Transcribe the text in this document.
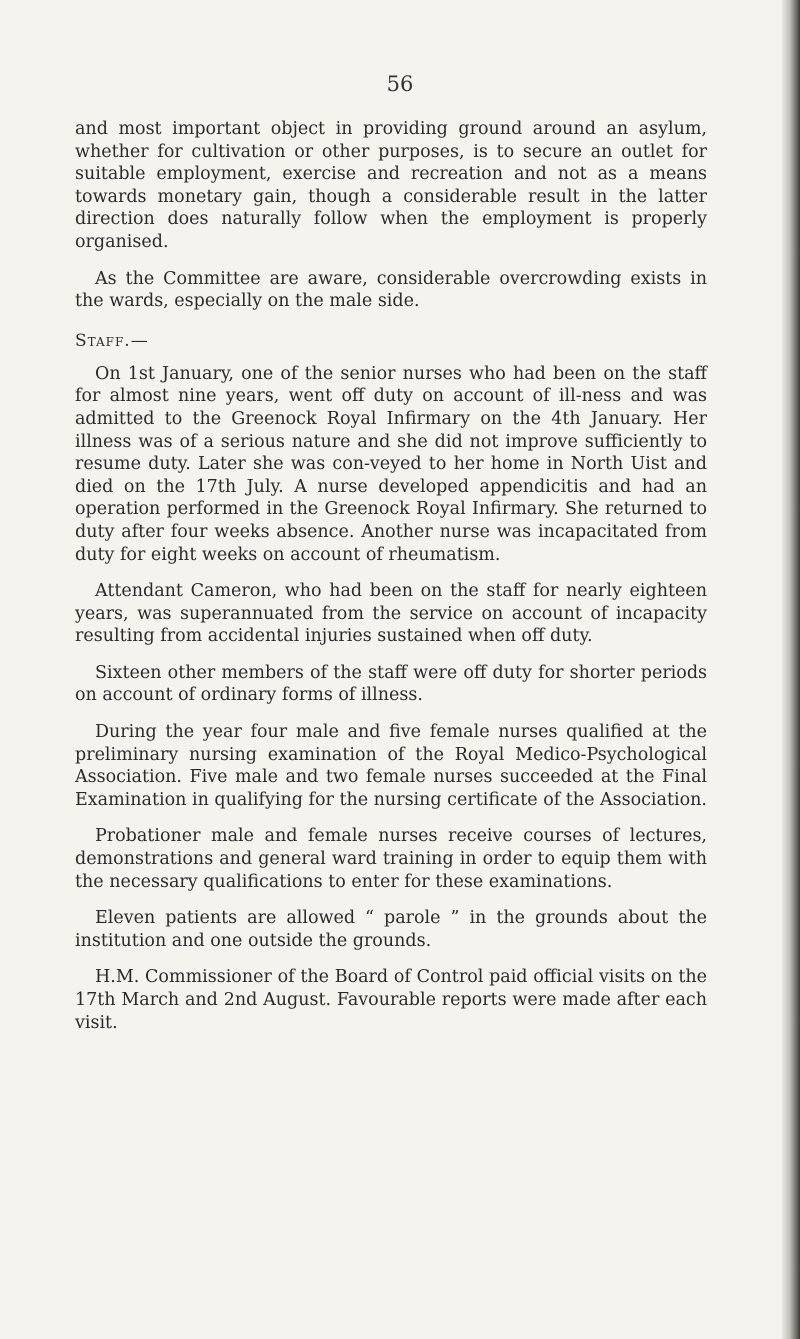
56

and most important object in providing ground around an asylum, whether for cultivation or other purposes, is to secure an outlet for suitable employment, exercise and recreation and not as a means towards monetary gain, though a considerable result in the latter direction does naturally follow when the employment is properly organised.

As the Committee are aware, considerable overcrowding exists in the wards, especially on the male side.

Staff.—

On 1st January, one of the senior nurses who had been on the staff for almost nine years, went off duty on account of ill-ness and was admitted to the Greenock Royal Infirmary on the 4th January. Her illness was of a serious nature and she did not improve sufficiently to resume duty. Later she was con-veyed to her home in North Uist and died on the 17th July. A nurse developed appendicitis and had an operation performed in the Greenock Royal Infirmary. She returned to duty after four weeks absence. Another nurse was incapacitated from duty for eight weeks on account of rheumatism.

Attendant Cameron, who had been on the staff for nearly eighteen years, was superannuated from the service on account of incapacity resulting from accidental injuries sustained when off duty.

Sixteen other members of the staff were off duty for shorter periods on account of ordinary forms of illness.

During the year four male and five female nurses qualified at the preliminary nursing examination of the Royal Medico-Psychological Association. Five male and two female nurses succeeded at the Final Examination in qualifying for the nursing certificate of the Association.

Probationer male and female nurses receive courses of lectures, demonstrations and general ward training in order to equip them with the necessary qualifications to enter for these examinations.

Eleven patients are allowed “ parole ” in the grounds about the institution and one outside the grounds.

H.M. Commissioner of the Board of Control paid official visits on the 17th March and 2nd August. Favourable reports were made after each visit.
